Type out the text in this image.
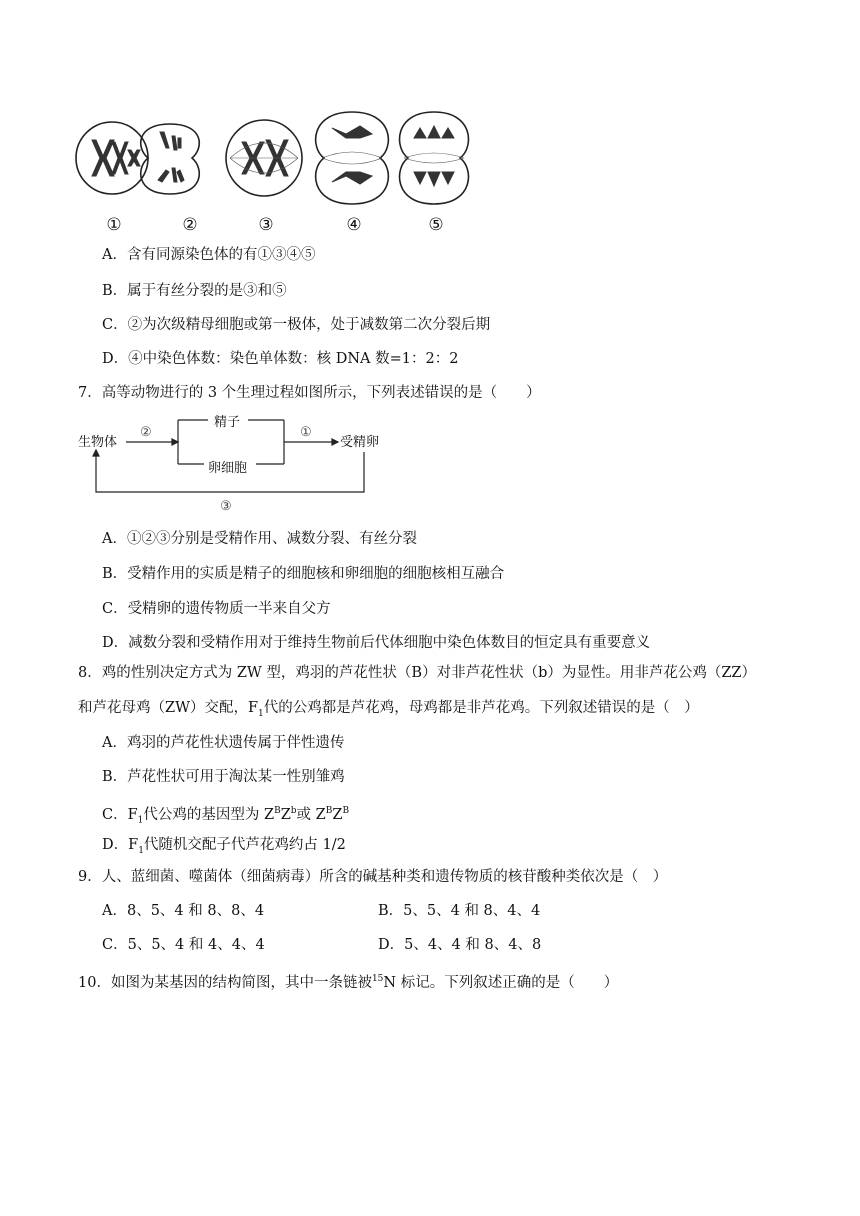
①	②	③	④	⑤
A．含有同源染色体的有①③④⑤
B．属于有丝分裂的是③和⑤
C．②为次级精母细胞或第一极体，处于减数第二次分裂后期
D．④中染色体数：染色单体数：核 DNA 数=1：2：2
7．高等动物进行的 3 个生理过程如图所示，下列表述错误的是（　　）
生物体
精子
卵细胞
受精卵
②	①
③
A．①②③分别是受精作用、减数分裂、有丝分裂
B．受精作用的实质是精子的细胞核和卵细胞的细胞核相互融合
C．受精卵的遗传物质一半来自父方
D．减数分裂和受精作用对于维持生物前后代体细胞中染色体数目的恒定具有重要意义
8．鸡的性别决定方式为 ZW 型，鸡羽的芦花性状（B）对非芦花性状（b）为显性。用非芦花公鸡（ZZ）
和芦花母鸡（ZW）交配，$F_1$代的公鸡都是芦花鸡，母鸡都是非芦花鸡。下列叙述错误的是（　）
A．鸡羽的芦花性状遗传属于伴性遗传
B．芦花性状可用于淘汰某一性别雏鸡
C．$F_1$代公鸡的基因型为 $Z^BZ^b$或 $Z^BZ^B$
D．$F_1$代随机交配子代芦花鸡约占 1/2
9．人、蓝细菌、噬菌体（细菌病毒）所含的碱基种类和遗传物质的核苷酸种类依次是（　）
A．8、5、4 和 8、8、4	B．5、5、4 和 8、4、4
C．5、5、4 和 4、4、4	D．5、4、4 和 8、4、8
10．如图为某基因的结构简图，其中一条链被$^{15}$N 标记。下列叙述正确的是（　　）
